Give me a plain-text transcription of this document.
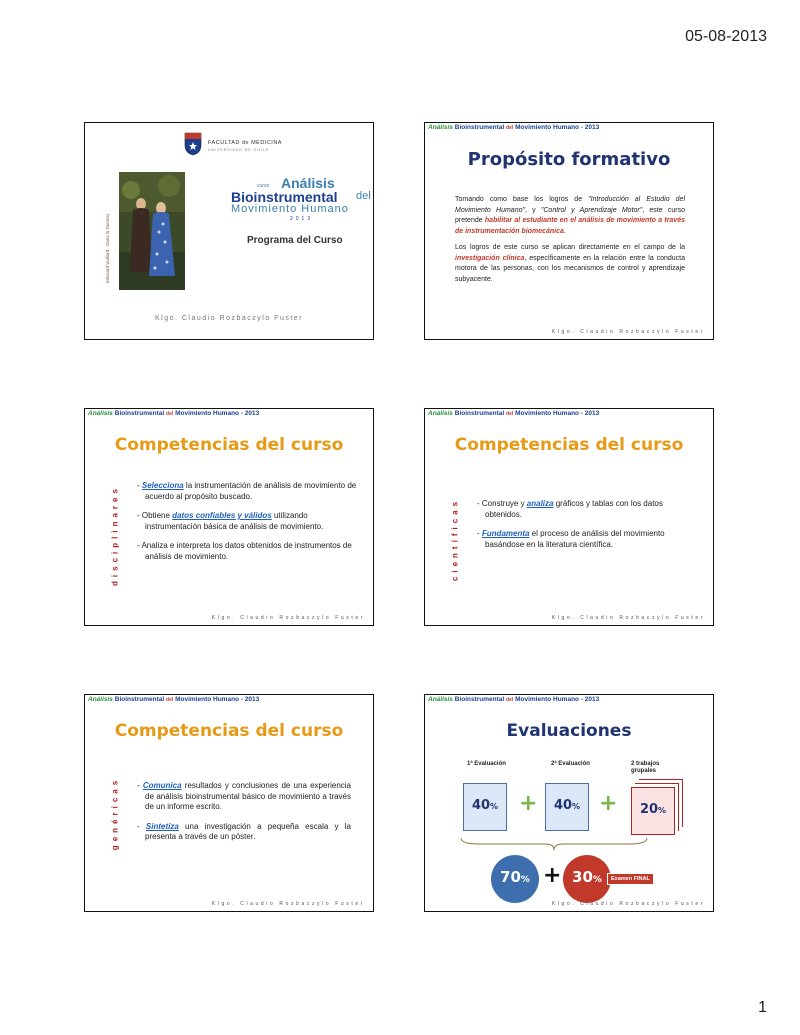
05-08-2013
FACULTAD de MEDICINA
UNIVERSIDAD DE CHILE
Edouard Vuillard - Dans la Nursery
curso Análisis
Bioinstrumental del
Movimiento Humano
2013
Programa del Curso
Klgo. Claudio Rozbaczylo Fuster
Análisis Bioinstrumental del Movimiento Humano - 2013
Propósito formativo
Tomando como base los logros de "Introducción al Estudio del Movimiento Humano", y "Control y Aprendizaje Motor", este curso pretende habilitar al estudiante en el análisis de movimiento a través de instrumentación biomecánica.
Los logros de este curso se aplican directamente en el campo de la investigación clínica, específicamente en la relación entre la conducta motora de las personas, con los mecanismos de control y aprendizaje subyacente.
Klgo. Claudio Rozbaczylo Fuster
Análisis Bioinstrumental del Movimiento Humano - 2013
Competencias del curso
disciplinares - Selecciona la instrumentación de análisis de movimiento de acuerdo al propósito buscado.
- Obtiene datos confiables y válidos utilizando instrumentación básica de análisis de movimiento.
- Analiza e interpreta los datos obtenidos de instrumentos de análisis de movimiento.
Klgo. Claudio Rozbaczylo Fuster
Análisis Bioinstrumental del Movimiento Humano - 2013
Competencias del curso
científicas - Construye y analiza gráficos y tablas con los datos obtenidos.
- Fundamenta el proceso de análisis del movimiento basándose en la literatura científica.
Klgo. Claudio Rozbaczylo Fuster
Análisis Bioinstrumental del Movimiento Humano - 2013
Competencias del curso
genéricas - Comunica resultados y conclusiones de una experiencia de análisis bioinstrumental básico de movimiento a través de un informe escrito.
- Sintetiza una investigación a pequeña escala y la presenta a través de un póster.
Klgo. Claudio Rozbaczylo Fuster
Análisis Bioinstrumental del Movimiento Humano - 2013
Evaluaciones
1ª Evaluación	2ª Evaluación	2 trabajos grupales
40% +	40% +	20%
70% + 30%	Examen FINAL
Klgo. Claudio Rozbaczylo Fuster
1
